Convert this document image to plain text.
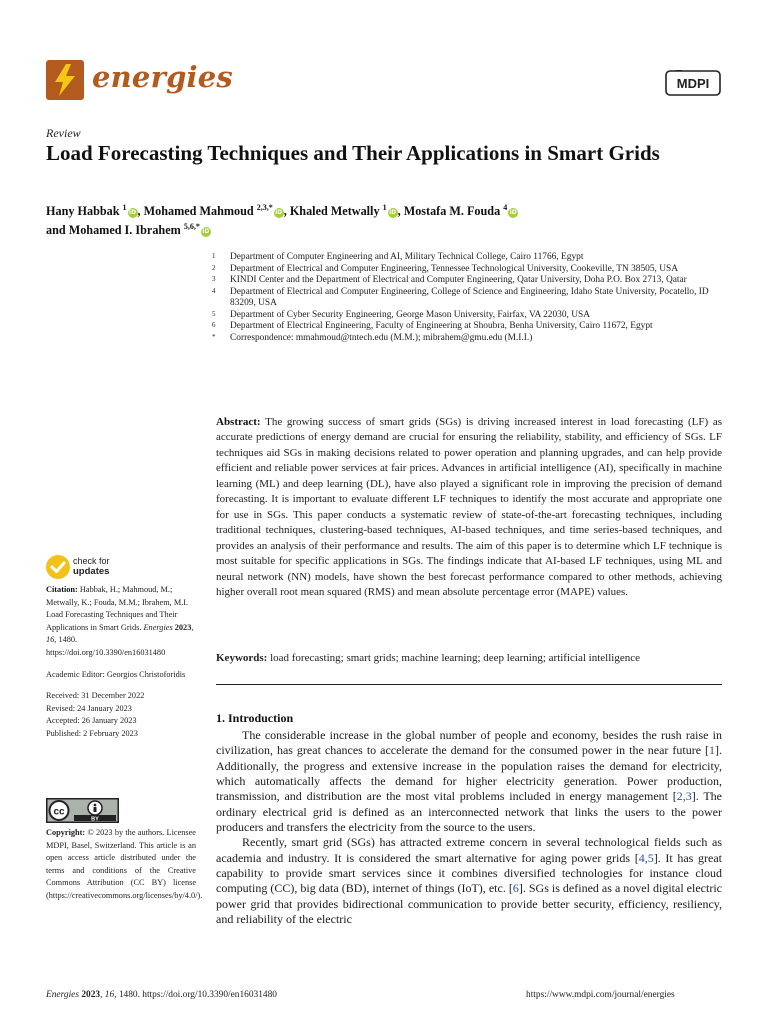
energies	MDPI
Review
Load Forecasting Techniques and Their Applications in Smart Grids
Hany Habbak $^1$iD, Mohamed Mahmoud $^{2,3,*}$iD, Khaled Metwally $^1$iD, Mostafa M. Fouda $^4$iD
and Mohamed I. Ibrahem $^{5,6,*}$iD
1	Department of Computer Engineering and AI, Military Technical College, Cairo 11766, Egypt
2	Department of Electrical and Computer Engineering, Tennessee Technological University, Cookeville, TN 38505, USA
3	KINDI Center and the Department of Electrical and Computer Engineering, Qatar University, Doha P.O. Box 2713, Qatar
4	Department of Electrical and Computer Engineering, College of Science and Engineering, Idaho State University, Pocatello, ID 83209, USA
5	Department of Cyber Security Engineering, George Mason University, Fairfax, VA 22030, USA
6	Department of Electrical Engineering, Faculty of Engineering at Shoubra, Benha University, Cairo 11672, Egypt
*	Correspondence: mmahmoud@tntech.edu (M.M.); mibrahem@gmu.edu (M.I.I.)
Abstract: The growing success of smart grids (SGs) is driving increased interest in load forecasting (LF) as accurate predictions of energy demand are crucial for ensuring the reliability, stability, and efficiency of SGs. LF techniques aid SGs in making decisions related to power operation and planning upgrades, and can help provide efficient and reliable power services at fair prices. Advances in artificial intelligence (AI), specifically in machine learning (ML) and deep learning (DL), have also played a significant role in improving the precision of demand forecasting. It is important to evaluate different LF techniques to identify the most accurate and appropriate one for use in SGs. This paper conducts a systematic review of state-of-the-art forecasting techniques, including traditional techniques, clustering-based techniques, AI-based techniques, and time series-based techniques, and provides an analysis of their performance and results. The aim of this paper is to determine which LF technique is most suitable for specific applications in SGs. The findings indicate that AI-based LF techniques, using ML and neural network (NN) models, have shown the best forecast performance compared to other methods, achieving higher overall root mean squared (RMS) and mean absolute percentage error (MAPE) values.
Keywords: load forecasting; smart grids; machine learning; deep learning; artificial intelligence
check for
updates
Citation: Habbak, H.; Mahmoud, M.; Metwally, K.; Fouda, M.M.; Ibrahem, M.I. Load Forecasting Techniques and Their Applications in Smart Grids. Energies 2023, 16, 1480. https://doi.org/10.3390/en16031480
Academic Editor: Georgios Christoforidis
Received: 31 December 2022
Revised: 24 January 2023
Accepted: 26 January 2023
Published: 2 February 2023
cc
BY
Copyright: © 2023 by the authors. Licensee MDPI, Basel, Switzerland. This article is an open access article distributed under the terms and conditions of the Creative Commons Attribution (CC BY) license (https://creativecommons.org/licenses/by/4.0/).
1. Introduction

The considerable increase in the global number of people and economy, besides the rush raise in civilization, has great chances to accelerate the demand for the consumed power in the near future [1]. Additionally, the progress and extensive increase in the population raises the demand for electricity, which automatically affects the demand for higher electricity generation. Power production, transmission, and distribution are the most vital problems included in energy management [2,3]. The ordinary electrical grid is defined as an interconnected network that links the users to the power producers and transfers the electricity from the source to the users.

Recently, smart grid (SGs) has attracted extreme concern in several technological fields such as academia and industry. It is considered the smart alternative for aging power grids [4,5]. It has great capability to provide smart services since it combines diversified technologies for instance cloud computing (CC), big data (BD), internet of things (IoT), etc. [6]. SGs is defined as a novel digital electric power grid that provides bidirectional communication to provide better security, efficiency, resiliency, and reliability of the electric

Energies 2023, 16, 1480. https://doi.org/10.3390/en16031480	https://www.mdpi.com/journal/energies
